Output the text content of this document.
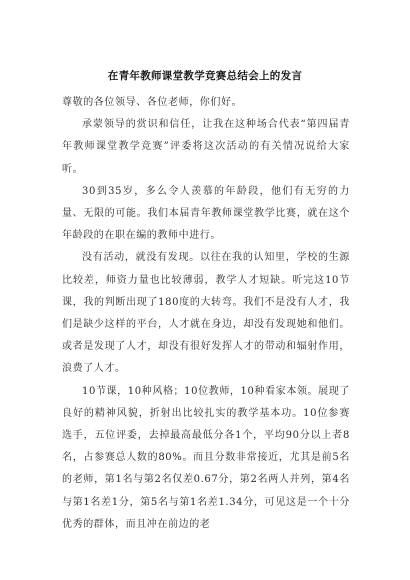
在青年教师课堂教学竞赛总结会上的发言

尊敬的各位领导、各位老师，你们好。

承蒙领导的赏识和信任，让我在这种场合代表“第四届青年教师课堂教学竞赛”评委将这次活动的有关情况说给大家听。

30到35岁，多么令人羡慕的年龄段，他们有无穷的力量、无限的可能。我们本届青年教师课堂教学比赛，就在这个年龄段的在职在编的教师中进行。

没有活动，就没有发现。以往在我的认知里，学校的生源比较差，师资力量也比较薄弱，教学人才短缺。听完这10节课，我的判断出现了180度的大转弯。我们不是没有人才，我们是缺少这样的平台，人才就在身边，却没有发现她和他们。或者是发现了人才，却没有很好发挥人才的带动和辐射作用，浪费了人才。

10节课，10种风格；10位教师，10种看家本领。展现了良好的精神风貌，折射出比较扎实的教学基本功。10位参赛选手，五位评委，去掉最高最低分各1个，平均90分以上者8名，占参赛总人数的80%。而且分数非常接近，尤其是前5名的老师，第1名与第2名仅差0.67分，第2名两人并列，第4名与第1名差1分，第5名与第1名差1.34分，可见这是一个十分优秀的群体，而且冲在前边的老
